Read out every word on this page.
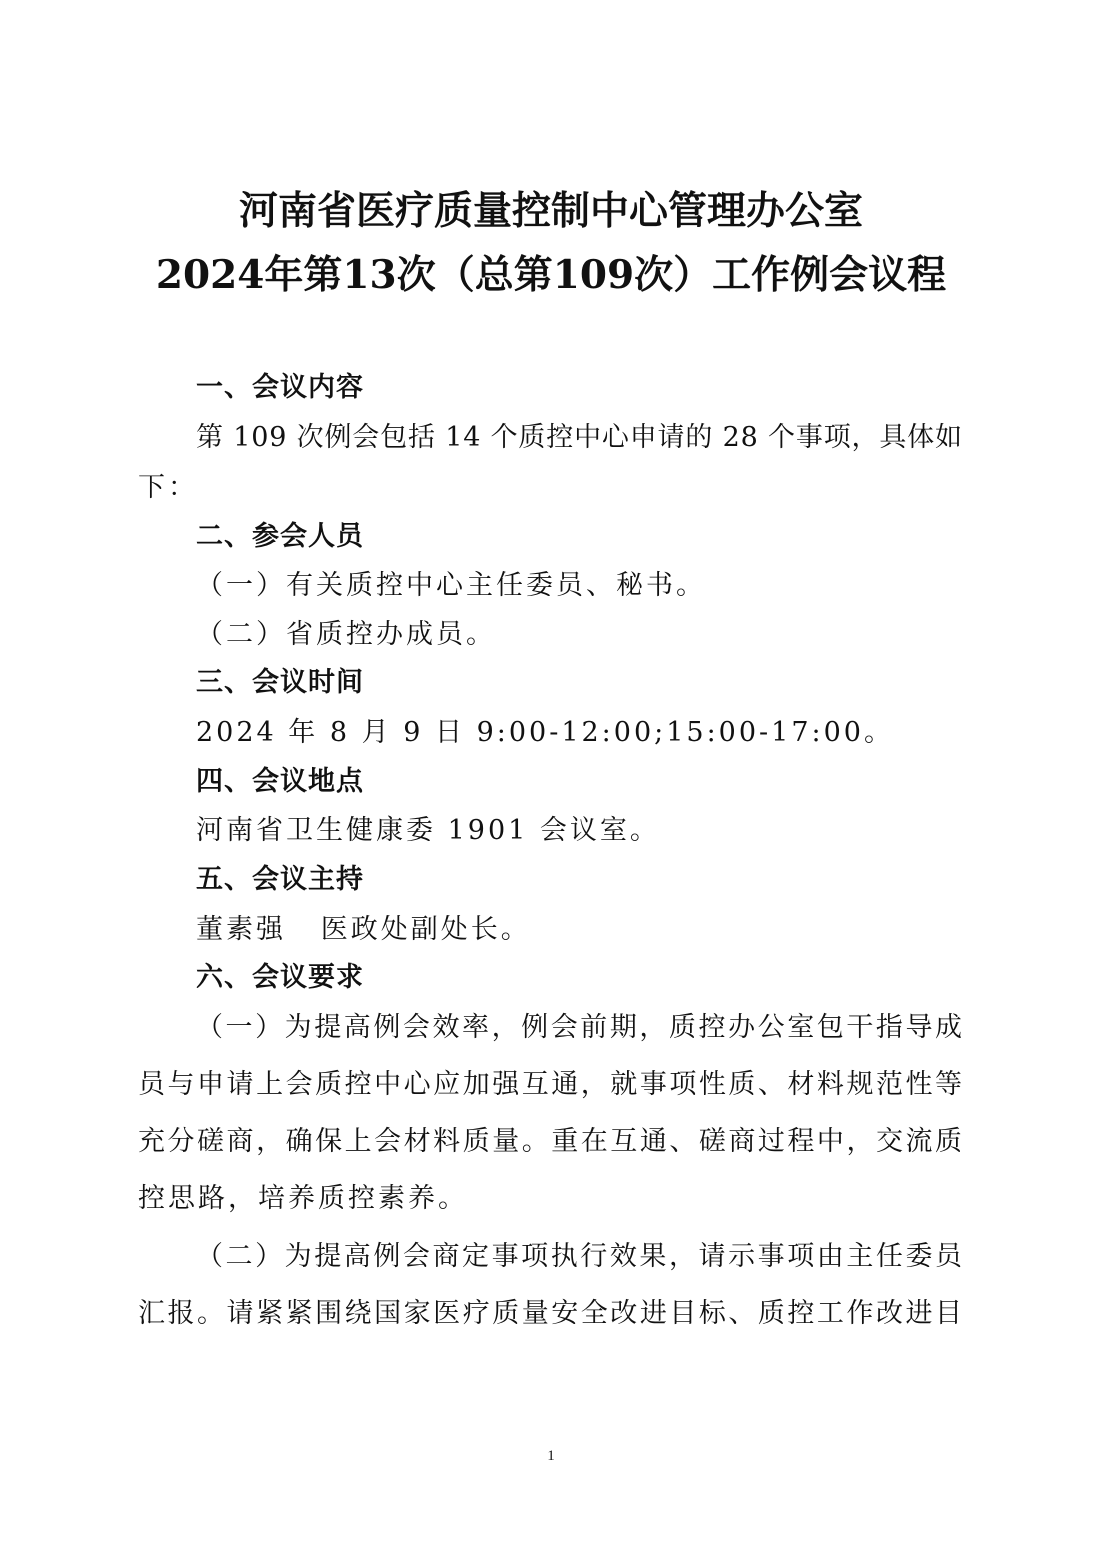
河南省医疗质量控制中心管理办公室
2024年第13次（总第109次）工作例会议程
一、会议内容
第 109 次例会包括 14 个质控中心申请的 28 个事项，具体如
下：
二、参会人员
（一）有关质控中心主任委员、秘书。
（二）省质控办成员。
三、会议时间
2024 年 8 月 9 日 9:00-12:00;15:00-17:00。
四、会议地点
河南省卫生健康委 1901 会议室。
五、会议主持
董素强   医政处副处长。
六、会议要求
（一）为提高例会效率，例会前期，质控办公室包干指导成
员与申请上会质控中心应加强互通，就事项性质、材料规范性等
充分磋商，确保上会材料质量。重在互通、磋商过程中，交流质
控思路，培养质控素养。
（二）为提高例会商定事项执行效果，请示事项由主任委员
汇报。请紧紧围绕国家医疗质量安全改进目标、质控工作改进目
1
